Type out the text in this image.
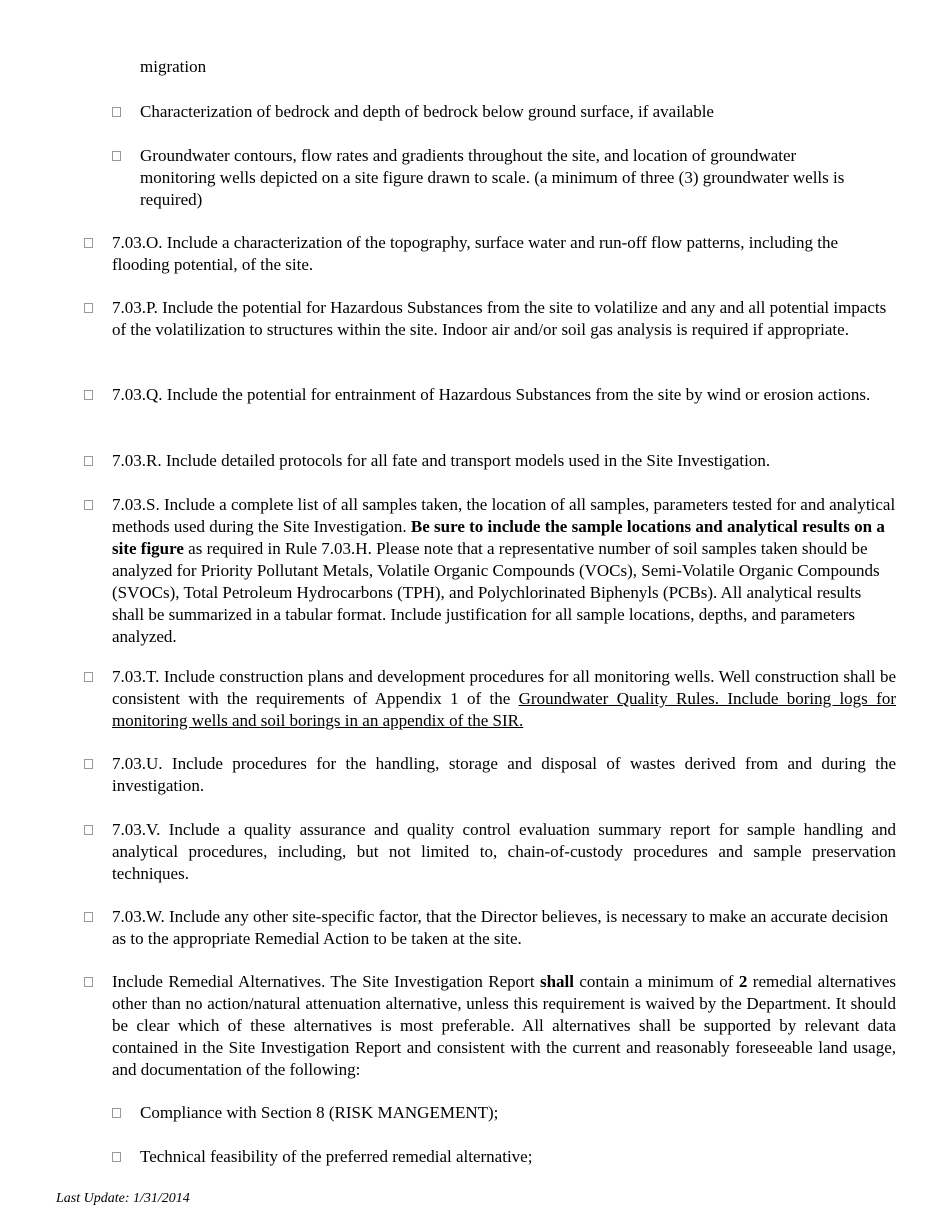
migration
Characterization of bedrock and depth of bedrock below ground surface, if available
Groundwater contours, flow rates and gradients throughout the site, and location of groundwater monitoring wells depicted on a site figure drawn to scale. (a minimum of three (3) groundwater wells is required)
7.03.O. Include a characterization of the topography, surface water and run-off flow patterns, including the flooding potential, of the site.
7.03.P. Include the potential for Hazardous Substances from the site to volatilize and any and all potential impacts of the volatilization to structures within the site. Indoor air and/or soil gas analysis is required if appropriate.
7.03.Q. Include the potential for entrainment of Hazardous Substances from the site by wind or erosion actions.
7.03.R. Include detailed protocols for all fate and transport models used in the Site Investigation.
7.03.S. Include a complete list of all samples taken, the location of all samples, parameters tested for and analytical methods used during the Site Investigation. Be sure to include the sample locations and analytical results on a site figure as required in Rule 7.03.H. Please note that a representative number of soil samples taken should be analyzed for Priority Pollutant Metals, Volatile Organic Compounds (VOCs), Semi-Volatile Organic Compounds (SVOCs), Total Petroleum Hydrocarbons (TPH), and Polychlorinated Biphenyls (PCBs). All analytical results shall be summarized in a tabular format. Include justification for all sample locations, depths, and parameters analyzed.
7.03.T. Include construction plans and development procedures for all monitoring wells. Well construction shall be consistent with the requirements of Appendix 1 of the Groundwater Quality Rules. Include boring logs for monitoring wells and soil borings in an appendix of the SIR.
7.03.U. Include procedures for the handling, storage and disposal of wastes derived from and during the investigation.
7.03.V. Include a quality assurance and quality control evaluation summary report for sample handling and analytical procedures, including, but not limited to, chain-of-custody procedures and sample preservation techniques.
7.03.W. Include any other site-specific factor, that the Director believes, is necessary to make an accurate decision as to the appropriate Remedial Action to be taken at the site.
Include Remedial Alternatives. The Site Investigation Report shall contain a minimum of 2 remedial alternatives other than no action/natural attenuation alternative, unless this requirement is waived by the Department. It should be clear which of these alternatives is most preferable. All alternatives shall be supported by relevant data contained in the Site Investigation Report and consistent with the current and reasonably foreseeable land usage, and documentation of the following:
Compliance with Section 8 (RISK MANGEMENT);
Technical feasibility of the preferred remedial alternative;
Last Update: 1/31/2014
